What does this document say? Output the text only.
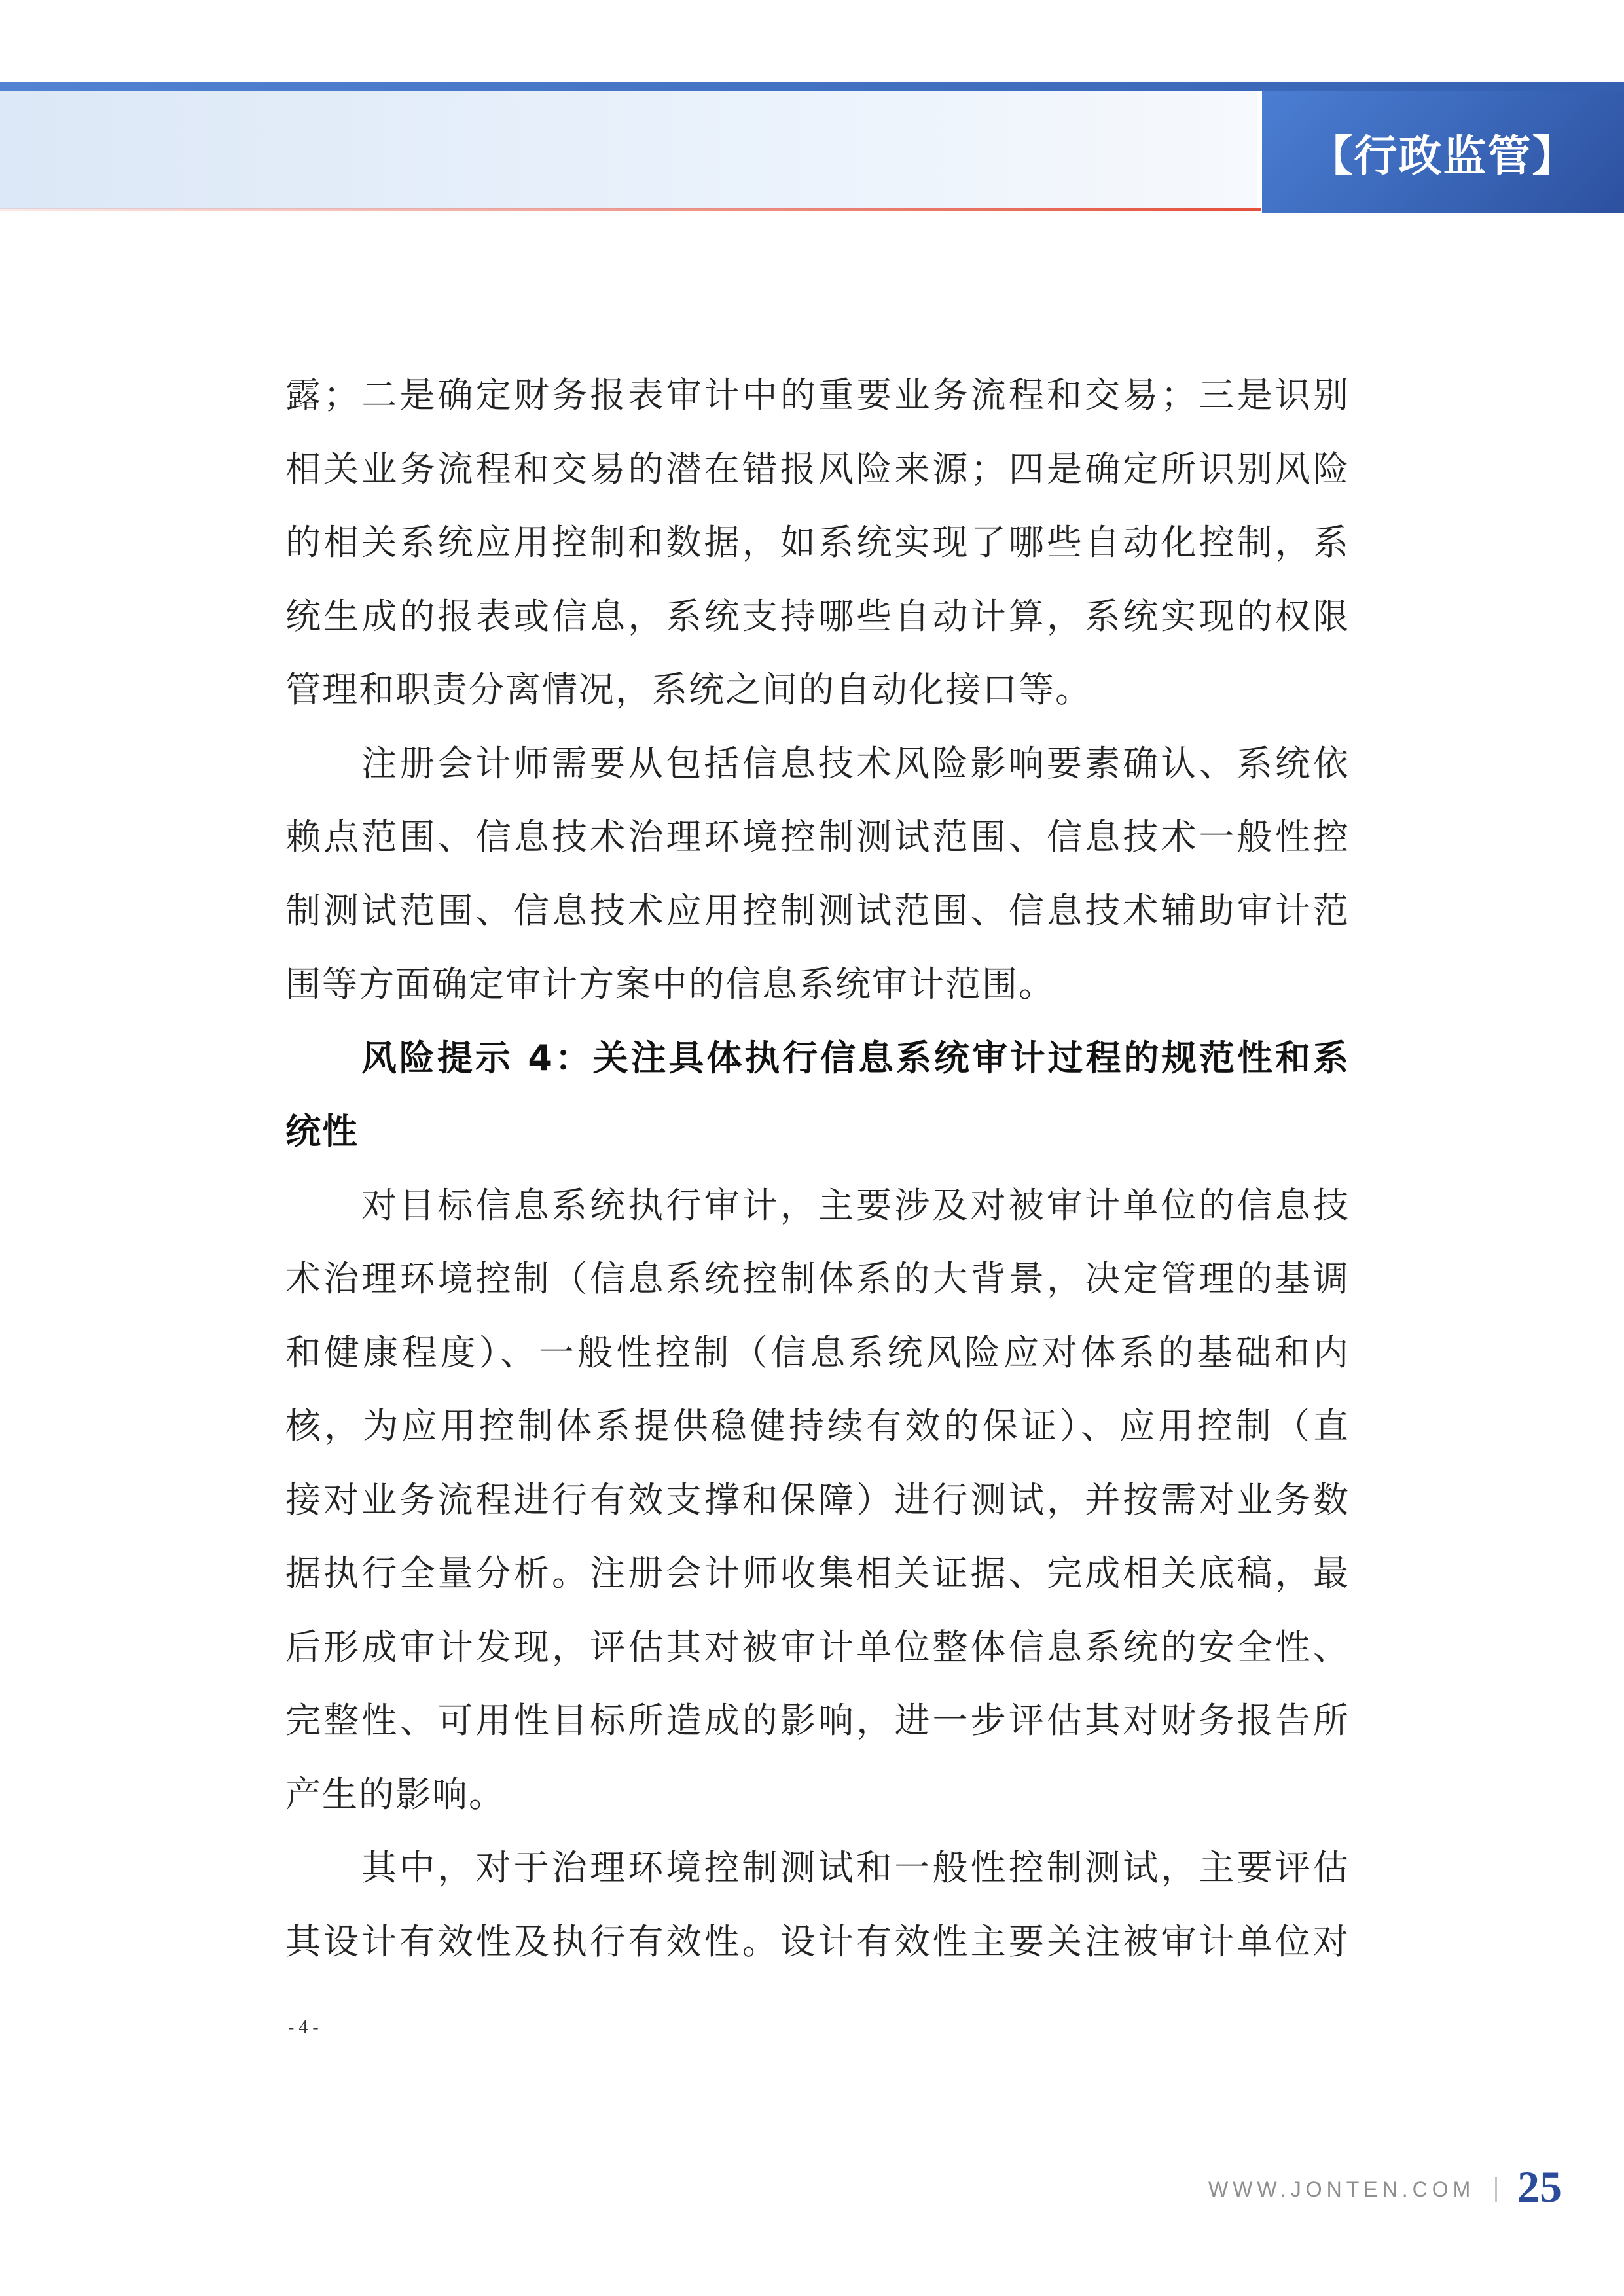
【行政监管】
露；二是确定财务报表审计中的重要业务流程和交易；三是识别
相关业务流程和交易的潜在错报风险来源；四是确定所识别风险
的相关系统应用控制和数据，如系统实现了哪些自动化控制，系
统生成的报表或信息，系统支持哪些自动计算，系统实现的权限
管理和职责分离情况，系统之间的自动化接口等。
注册会计师需要从包括信息技术风险影响要素确认、系统依
赖点范围、信息技术治理环境控制测试范围、信息技术一般性控
制测试范围、信息技术应用控制测试范围、信息技术辅助审计范
围等方面确定审计方案中的信息系统审计范围。
风险提示 4：关注具体执行信息系统审计过程的规范性和系
统性
对目标信息系统执行审计，主要涉及对被审计单位的信息技
术治理环境控制（信息系统控制体系的大背景，决定管理的基调
和健康程度）、一般性控制（信息系统风险应对体系的基础和内
核，为应用控制体系提供稳健持续有效的保证）、应用控制（直
接对业务流程进行有效支撑和保障）进行测试，并按需对业务数
据执行全量分析。注册会计师收集相关证据、完成相关底稿，最
后形成审计发现，评估其对被审计单位整体信息系统的安全性、
完整性、可用性目标所造成的影响，进一步评估其对财务报告所
产生的影响。
其中，对于治理环境控制测试和一般性控制测试，主要评估
其设计有效性及执行有效性。设计有效性主要关注被审计单位对
- 4 -
WWW.JONTEN.COM 25
